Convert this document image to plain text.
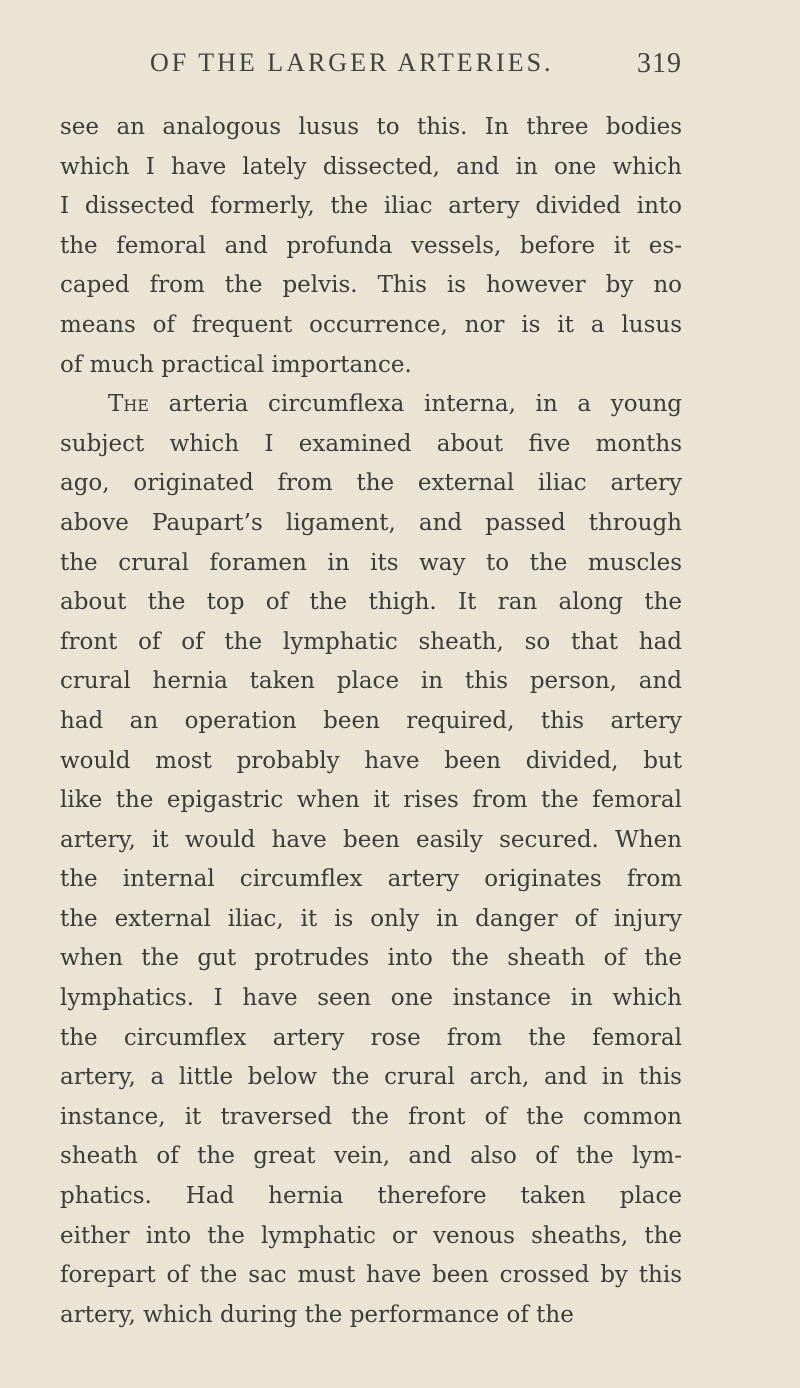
OF THE LARGER ARTERIES.	319
see an analogous lusus to this. In three bodies
which I have lately dissected, and in one which
I dissected formerly, the iliac artery divided into
the femoral and profunda vessels, before it es-
caped from the pelvis. This is however by no
means of frequent occurrence, nor is it a lusus
of much practical importance.
The arteria circumflexa interna, in a young
subject which I examined about five months
ago, originated from the external iliac artery
above Paupart’s ligament, and passed through
the crural foramen in its way to the muscles
about the top of the thigh. It ran along the
front of of the lymphatic sheath, so that had
crural hernia taken place in this person, and
had an operation been required, this artery
would most probably have been divided, but
like the epigastric when it rises from the femoral
artery, it would have been easily secured. When
the internal circumflex artery originates from
the external iliac, it is only in danger of injury
when the gut protrudes into the sheath of the
lymphatics. I have seen one instance in which
the circumflex artery rose from the femoral
artery, a little below the crural arch, and in this
instance, it traversed the front of the common
sheath of the great vein, and also of the lym-
phatics. Had hernia therefore taken place
either into the lymphatic or venous sheaths, the
forepart of the sac must have been crossed by this
artery, which during the performance of the
